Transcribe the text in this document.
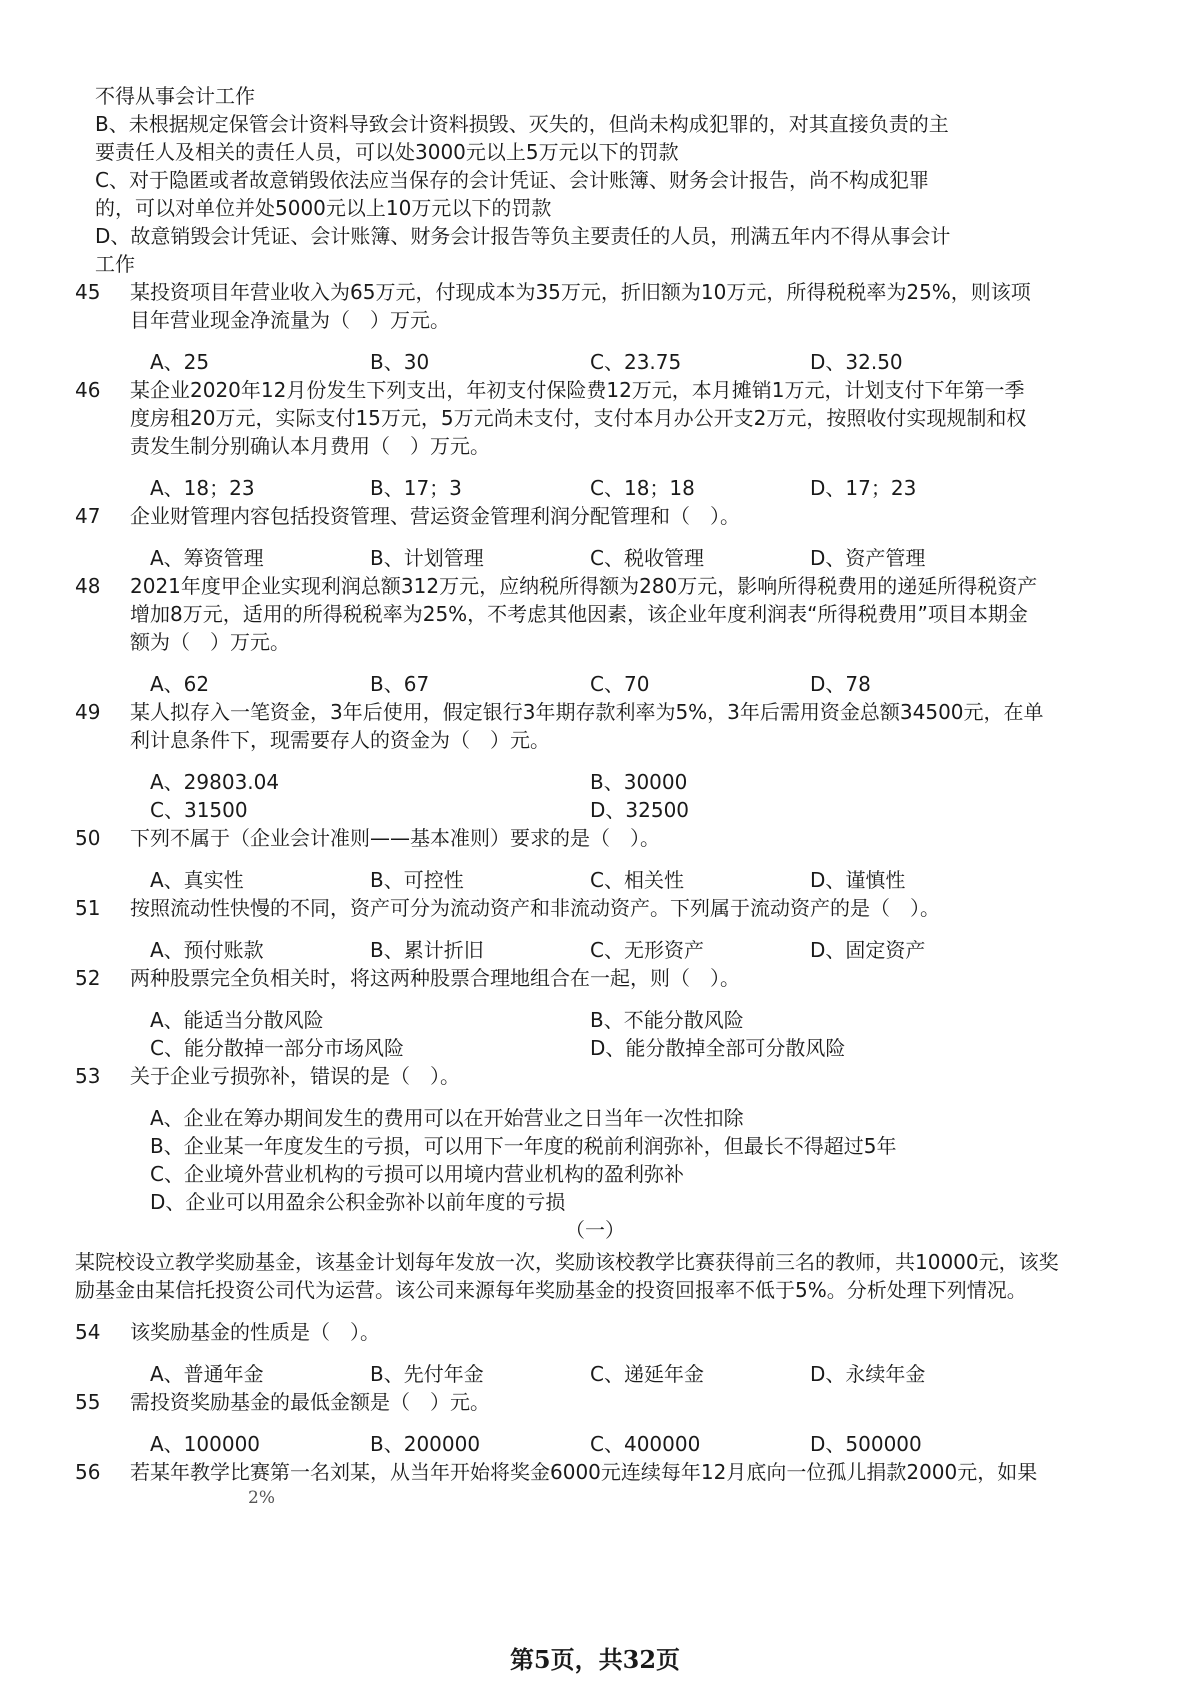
不得从事会计工作
B、未根据规定保管会计资料导致会计资料损毁、灭失的，但尚未构成犯罪的，对其直接负责的主
要责任人及相关的责任人员，可以处3000元以上5万元以下的罚款
C、对于隐匿或者故意销毁依法应当保存的会计凭证、会计账簿、财务会计报告，尚不构成犯罪
的，可以对单位并处5000元以上10万元以下的罚款
D、故意销毁会计凭证、会计账簿、财务会计报告等负主要责任的人员，刑满五年内不得从事会计
工作
45	某投资项目年营业收入为65万元，付现成本为35万元，折旧额为10万元，所得税税率为25%，则该项
目年营业现金净流量为（　）万元。
A、25	B、30	C、23.75	D、32.50
46	某企业2020年12月份发生下列支出，年初支付保险费12万元，本月摊销1万元，计划支付下年第一季
度房租20万元，实际支付15万元，5万元尚未支付，支付本月办公开支2万元，按照收付实现规制和权
责发生制分别确认本月费用（　）万元。
A、18；23	B、17；3	C、18；18	D、17；23
47	企业财管理内容包括投资管理、营运资金管理利润分配管理和（　）。
A、筹资管理	B、计划管理	C、税收管理	D、资产管理
48	2021年度甲企业实现利润总额312万元，应纳税所得额为280万元，影响所得税费用的递延所得税资产
增加8万元，适用的所得税税率为25%，不考虑其他因素，该企业年度利润表“所得税费用”项目本期金
额为（　）万元。
A、62	B、67	C、70	D、78
49	某人拟存入一笔资金，3年后使用，假定银行3年期存款利率为5%，3年后需用资金总额34500元，在单
利计息条件下，现需要存人的资金为（　）元。
A、29803.04	B、30000
C、31500	D、32500
50	下列不属于（企业会计准则——基本准则）要求的是（　）。
A、真实性	B、可控性	C、相关性	D、谨慎性
51	按照流动性快慢的不同，资产可分为流动资产和非流动资产。下列属于流动资产的是（　）。
A、预付账款	B、累计折旧	C、无形资产	D、固定资产
52	两种股票完全负相关时，将这两种股票合理地组合在一起，则（　）。
A、能适当分散风险	B、不能分散风险
C、能分散掉一部分市场风险	D、能分散掉全部可分散风险
53	关于企业亏损弥补，错误的是（　）。
A、企业在筹办期间发生的费用可以在开始营业之日当年一次性扣除
B、企业某一年度发生的亏损，可以用下一年度的税前利润弥补，但最长不得超过5年
C、企业境外营业机构的亏损可以用境内营业机构的盈利弥补
D、企业可以用盈余公积金弥补以前年度的亏损
（一）
某院校设立教学奖励基金，该基金计划每年发放一次，奖励该校教学比赛获得前三名的教师，共10000元，该奖
励基金由某信托投资公司代为运营。该公司来源每年奖励基金的投资回报率不低于5%。分析处理下列情况。
54	该奖励基金的性质是（　）。
A、普通年金	B、先付年金	C、递延年金	D、永续年金
55	需投资奖励基金的最低金额是（　）元。
A、100000	B、200000	C、400000	D、500000
56	若某年教学比赛第一名刘某，从当年开始将奖金6000元连续每年12月底向一位孤儿捐款2000元，如果
2%
第5页，共32页
